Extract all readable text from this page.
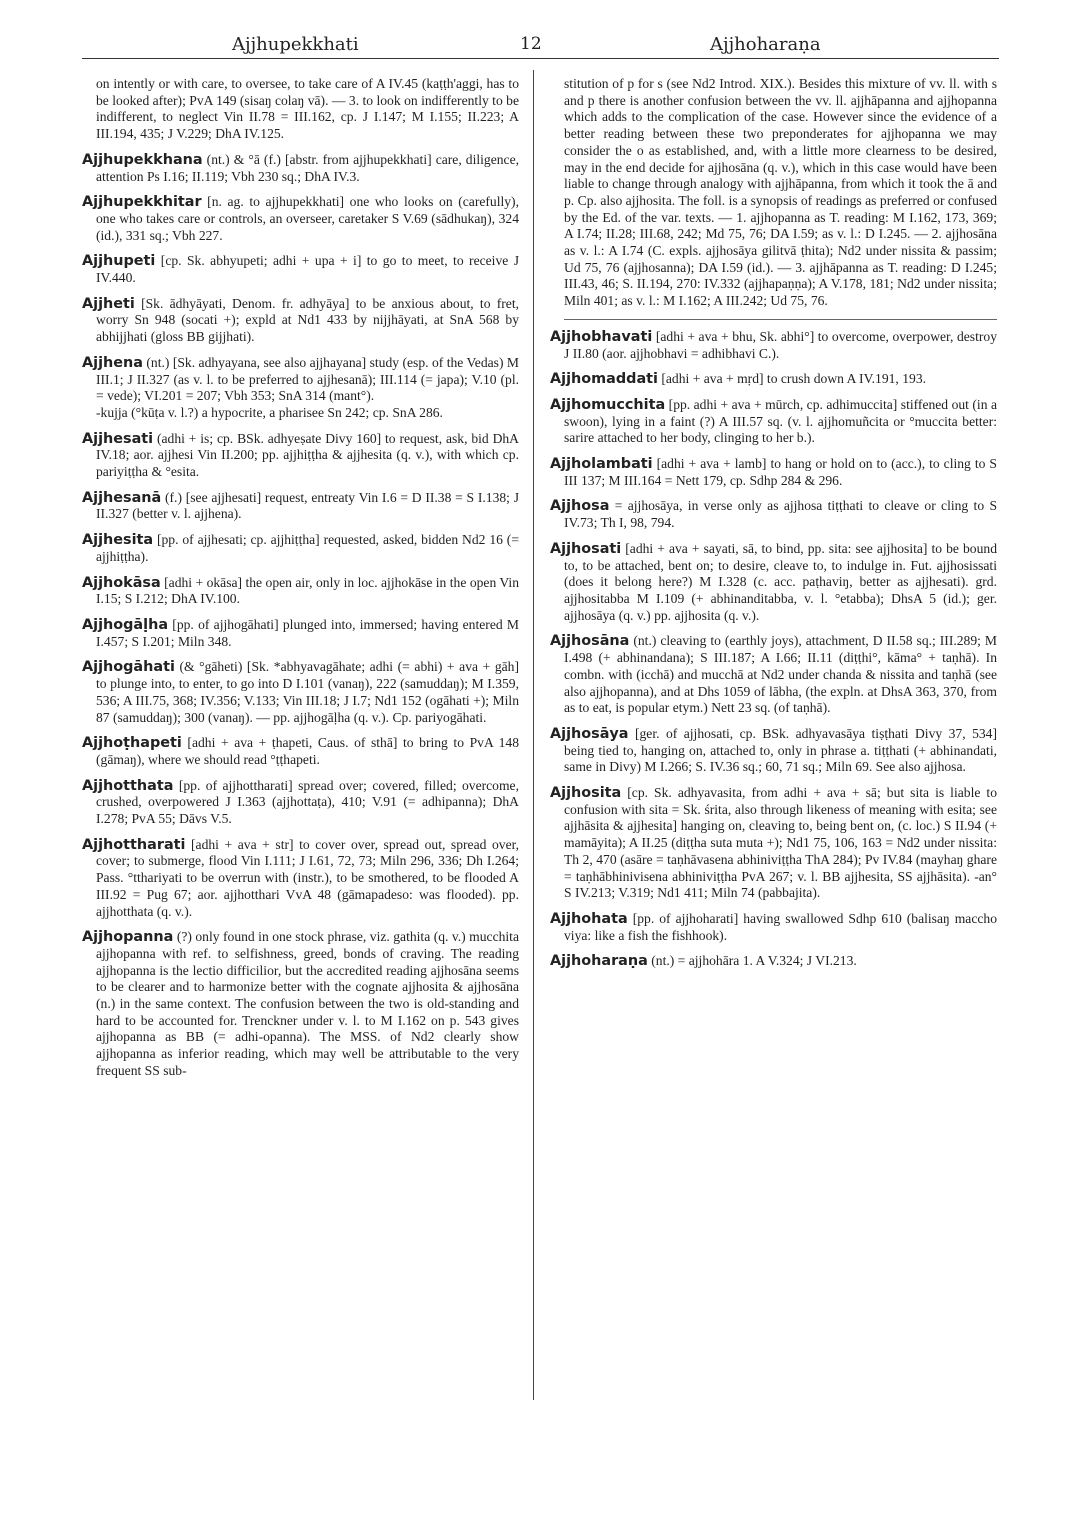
Ajjhupekkhati	12	Ajjhoharaṇa

on intently or with care, to oversee, to take care of A IV.45 (kaṭṭh'aggi, has to be looked after); PvA 149 (sisaŋ colaŋ vā). — 3. to look on indifferently to be indifferent, to neglect Vin II.78 = III.162, cp. J I.147; M I.155; II.223; A III.194, 435; J V.229; DhA IV.125.

Ajjhupekkhana (nt.) & °ā (f.) [abstr. from ajjhupekkhati] care, diligence, attention Ps I.16; II.119; Vbh 230 sq.; DhA IV.3.

Ajjhupekkhitar [n. ag. to ajjhupekkhati] one who looks on (carefully), one who takes care or controls, an overseer, caretaker S V.69 (sādhukaŋ), 324 (id.), 331 sq.; Vbh 227.

Ajjhupeti [cp. Sk. abhyupeti; adhi + upa + i] to go to meet, to receive J IV.440.

Ajjheti [Sk. ādhyāyati, Denom. fr. adhyāya] to be anxious about, to fret, worry Sn 948 (socati +); expld at Nd1 433 by nijjhāyati, at SnA 568 by abhijjhati (gloss BB gijjhati).

Ajjhena (nt.) [Sk. adhyayana, see also ajjhayana] study (esp. of the Vedas) M III.1; J II.327 (as v. l. to be preferred to ajjhesanā); III.114 (= japa); V.10 (pl. = vede); VI.201 = 207; Vbh 353; SnA 314 (mant°).

-kujja (°kūṭa v. l.?) a hypocrite, a pharisee Sn 242; cp. SnA 286.

Ajjhesati (adhi + is; cp. BSk. adhyeṣate Divy 160] to request, ask, bid DhA IV.18; aor. ajjhesi Vin II.200; pp. ajjhiṭṭha & ajjhesita (q. v.), with which cp. pariyiṭṭha & °esita.

Ajjhesanā (f.) [see ajjhesati] request, entreaty Vin I.6 = D II.38 = S I.138; J II.327 (better v. l. ajjhena).

Ajjhesita [pp. of ajjhesati; cp. ajjhiṭṭha] requested, asked, bidden Nd2 16 (= ajjhiṭṭha).

Ajjhokāsa [adhi + okāsa] the open air, only in loc. ajjhokāse in the open Vin I.15; S I.212; DhA IV.100.

Ajjhogāḷha [pp. of ajjhogāhati] plunged into, immersed; having entered M I.457; S I.201; Miln 348.

Ajjhogāhati (& °gāheti) [Sk. *abhyavagāhate; adhi (= abhi) + ava + gāh] to plunge into, to enter, to go into D I.101 (vanaŋ), 222 (samuddaŋ); M I.359, 536; A III.75, 368; IV.356; V.133; Vin III.18; J I.7; Nd1 152 (ogāhati +); Miln 87 (samuddaŋ); 300 (vanaŋ). — pp. ajjhogāḷha (q. v.). Cp. pariyogāhati.

Ajjhoṭhapeti [adhi + ava + ṭhapeti, Caus. of sthā] to bring to PvA 148 (gāmaŋ), where we should read °ṭṭhapeti.

Ajjhotthata [pp. of ajjhottharati] spread over; covered, filled; overcome, crushed, overpowered J I.363 (ajjhottaṭa), 410; V.91 (= adhipanna); DhA I.278; PvA 55; Dāvs V.5.

Ajjhottharati [adhi + ava + str] to cover over, spread out, spread over, cover; to submerge, flood Vin I.111; J I.61, 72, 73; Miln 296, 336; Dh I.264; Pass. °tthariyati to be overrun with (instr.), to be smothered, to be flooded A III.92 = Pug 67; aor. ajjhotthari VvA 48 (gāmapadeso: was flooded). pp. ajjhotthata (q. v.).

Ajjhopanna (?) only found in one stock phrase, viz. gathita (q. v.) mucchita ajjhopanna with ref. to selfishness, greed, bonds of craving. The reading ajjhopanna is the lectio difficilior, but the accredited reading ajjhosāna seems to be clearer and to harmonize better with the cognate ajjhosita & ajjhosāna (n.) in the same context. The confusion between the two is old-standing and hard to be accounted for. Trenckner under v. l. to M I.162 on p. 543 gives ajjhopanna as BB (= adhi-opanna). The MSS. of Nd2 clearly show ajjhopanna as inferior reading, which may well be attributable to the very frequent SS sub-

stitution of p for s (see Nd2 Introd. XIX.). Besides this mixture of vv. ll. with s and p there is another confusion between the vv. ll. ajjhāpanna and ajjhopanna which adds to the complication of the case. However since the evidence of a better reading between these two preponderates for ajjhopanna we may consider the o as established, and, with a little more clearness to be desired, may in the end decide for ajjhosāna (q. v.), which in this case would have been liable to change through analogy with ajjhāpanna, from which it took the ā and p. Cp. also ajjhosita. The foll. is a synopsis of readings as preferred or confused by the Ed. of the var. texts. — 1. ajjhopanna as T. reading: M I.162, 173, 369; A I.74; II.28; III.68, 242; Md 75, 76; DA I.59; as v. l.: D I.245. — 2. ajjhosāna as v. l.: A I.74 (C. expls. ajjhosāya gilitvā ṭhita); Nd2 under nissita & passim; Ud 75, 76 (ajjhosanna); DA I.59 (id.). — 3. ajjhāpanna as T. reading: D I.245; III.43, 46; S. II.194, 270: IV.332 (ajjhapaṇṇa); A V.178, 181; Nd2 under nissita; Miln 401; as v. l.: M I.162; A III.242; Ud 75, 76.

Ajjhobhavati [adhi + ava + bhu, Sk. abhi°] to overcome, overpower, destroy J II.80 (aor. ajjhobhavi = adhibhavi C.).

Ajjhomaddati [adhi + ava + mṛd] to crush down A IV.191, 193.

Ajjhomucchita [pp. adhi + ava + mūrch, cp. adhimuccita] stiffened out (in a swoon), lying in a faint (?) A III.57 sq. (v. l. ajjhomuñcita or °muccita better: sarire attached to her body, clinging to her b.).

Ajjholambati [adhi + ava + lamb] to hang or hold on to (acc.), to cling to S III 137; M III.164 = Nett 179, cp. Sdhp 284 & 296.

Ajjhosa = ajjhosāya, in verse only as ajjhosa tiṭṭhati to cleave or cling to S IV.73; Th I, 98, 794.

Ajjhosati [adhi + ava + sayati, sā, to bind, pp. sita: see ajjhosita] to be bound to, to be attached, bent on; to desire, cleave to, to indulge in. Fut. ajjhosissati (does it belong here?) M I.328 (c. acc. paṭhaviŋ, better as ajjhesati). grd. ajjhositabba M I.109 (+ abhinanditabba, v. l. °etabba); DhsA 5 (id.); ger. ajjhosāya (q. v.) pp. ajjhosita (q. v.).

Ajjhosāna (nt.) cleaving to (earthly joys), attachment, D II.58 sq.; III.289; M I.498 (+ abhinandana); S III.187; A I.66; II.11 (diṭṭhi°, kāma° + taṇhā). In combn. with (icchā) and mucchā at Nd2 under chanda & nissita and taṇhā (see also ajjhopanna), and at Dhs 1059 of lābha, (the expln. at DhsA 363, 370, from as to eat, is popular etym.) Nett 23 sq. (of taṇhā).

Ajjhosāya [ger. of ajjhosati, cp. BSk. adhyavasāya tiṣṭhati Divy 37, 534] being tied to, hanging on, attached to, only in phrase a. tiṭṭhati (+ abhinandati, same in Divy) M I.266; S. IV.36 sq.; 60, 71 sq.; Miln 69. See also ajjhosa.

Ajjhosita [cp. Sk. adhyavasita, from adhi + ava + sā; but sita is liable to confusion with sita = Sk. śrita, also through likeness of meaning with esita; see ajjhāsita & ajjhesita] hanging on, cleaving to, being bent on, (c. loc.) S II.94 (+ mamāyita); A II.25 (diṭṭha suta muta +); Nd1 75, 106, 163 = Nd2 under nissita: Th 2, 470 (asāre = taṇhāvasena abhiniviṭṭha ThA 284); Pv IV.84 (mayhaŋ ghare = taṇhābhinivisena abhiniviṭṭha PvA 267; v. l. BB ajjhesita, SS ajjhāsita). -an° S IV.213; V.319; Nd1 411; Miln 74 (pabbajita).

Ajjhohata [pp. of ajjhoharati] having swallowed Sdhp 610 (balisaŋ maccho viya: like a fish the fishhook).

Ajjhoharaṇa (nt.) = ajjhohāra 1. A V.324; J VI.213.
